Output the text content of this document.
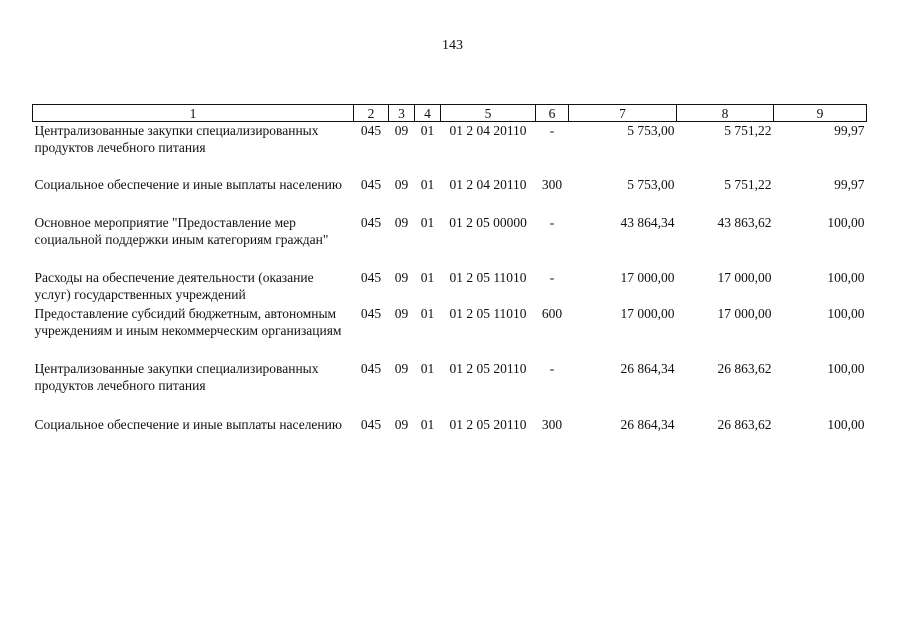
143
1	2	3	4	5	6	7	8	9
Централизованные закупки специализированных продуктов лечебного питания	045	09	01	01 2 04 20110	-	5 753,00	5 751,22	99,97
Социальное обеспечение и иные выплаты населению	045	09	01	01 2 04 20110	300	5 753,00	5 751,22	99,97
Основное мероприятие "Предоставление мер социальной поддержки иным категориям граждан"	045	09	01	01 2 05 00000	-	43 864,34	43 863,62	100,00
Расходы на обеспечение деятельности (оказание услуг) государственных учреждений	045	09	01	01 2 05 11010	-	17 000,00	17 000,00	100,00
Предоставление субсидий бюджетным, автономным учреждениям и иным некоммерческим организациям	045	09	01	01 2 05 11010	600	17 000,00	17 000,00	100,00
Централизованные закупки специализированных продуктов лечебного питания	045	09	01	01 2 05 20110	-	26 864,34	26 863,62	100,00
Социальное обеспечение и иные выплаты населению	045	09	01	01 2 05 20110	300	26 864,34	26 863,62	100,00
